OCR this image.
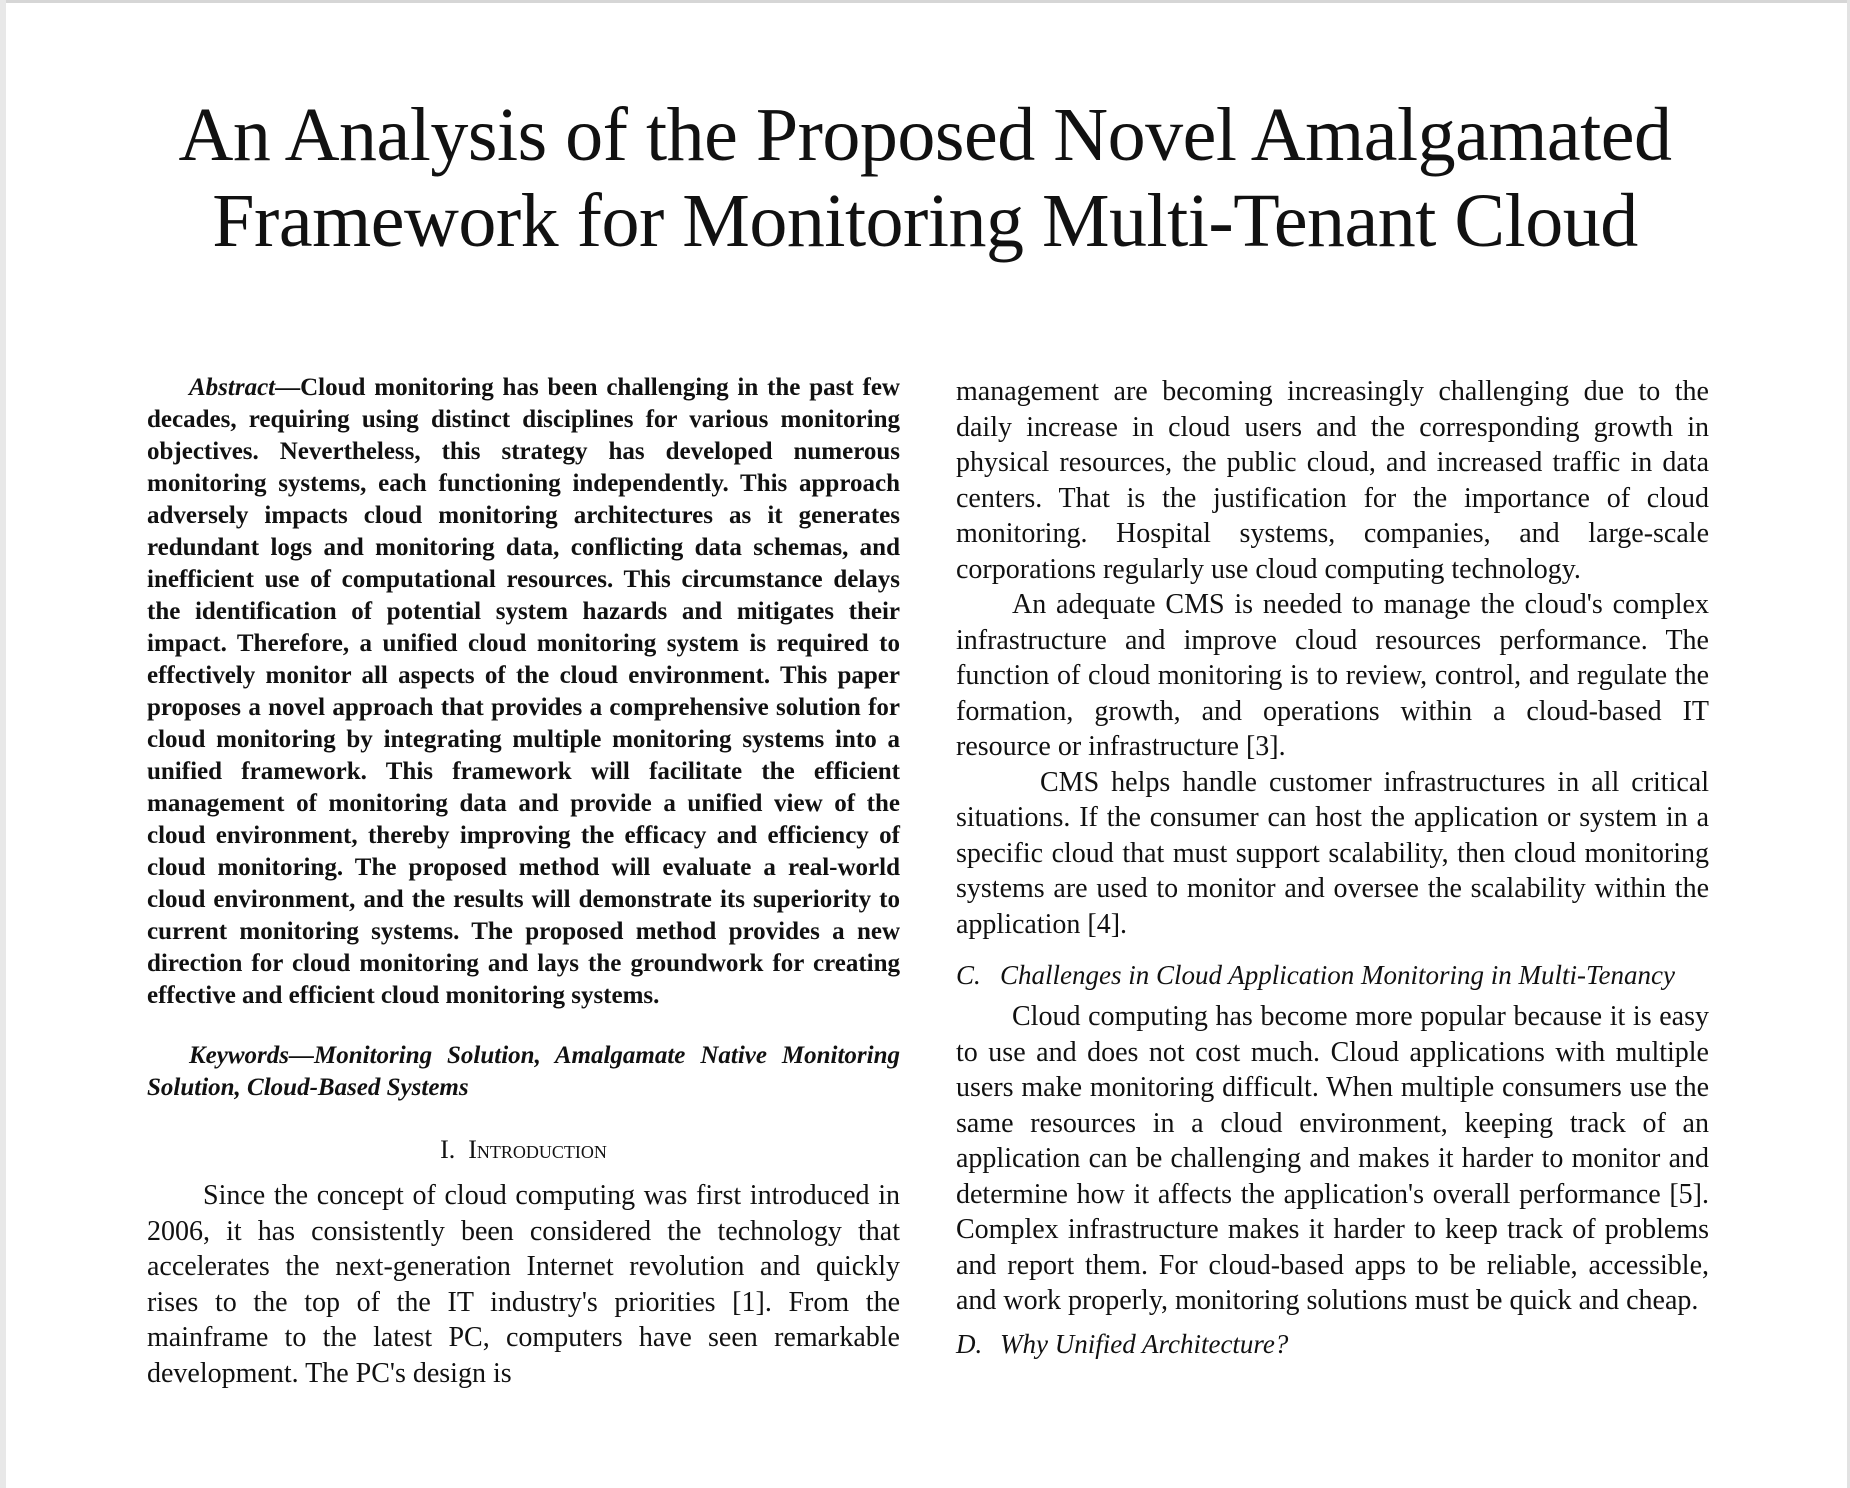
An Analysis of the Proposed Novel Amalgamated
Framework for Monitoring Multi-Tenant Cloud

Abstract—Cloud monitoring has been challenging in the past few decades, requiring using distinct disciplines for various monitoring objectives. Nevertheless, this strategy has developed numerous monitoring systems, each functioning independently. This approach adversely impacts cloud monitoring architectures as it generates redundant logs and monitoring data, conflicting data schemas, and inefficient use of computational resources. This circumstance delays the identification of potential system hazards and mitigates their impact. Therefore, a unified cloud monitoring system is required to effectively monitor all aspects of the cloud environment. This paper proposes a novel approach that provides a comprehensive solution for cloud monitoring by integrating multiple monitoring systems into a unified framework. This framework will facilitate the efficient management of monitoring data and provide a unified view of the cloud environment, thereby improving the efficacy and efficiency of cloud monitoring. The proposed method will evaluate a real-world cloud environment, and the results will demonstrate its superiority to current monitoring systems. The proposed method provides a new direction for cloud monitoring and lays the groundwork for creating effective and efficient cloud monitoring systems.

Keywords—Monitoring Solution, Amalgamate Native Monitoring Solution, Cloud-Based Systems

I. Introduction

Since the concept of cloud computing was first introduced in 2006, it has consistently been considered the technology that accelerates the next-generation Internet revolution and quickly rises to the top of the IT industry's priorities [1]. From the mainframe to the latest PC, computers have seen remarkable development. The PC's design is

management are becoming increasingly challenging due to the daily increase in cloud users and the corresponding growth in physical resources, the public cloud, and increased traffic in data centers. That is the justification for the importance of cloud monitoring. Hospital systems, companies, and large-scale corporations regularly use cloud computing technology.

An adequate CMS is needed to manage the cloud's complex infrastructure and improve cloud resources performance. The function of cloud monitoring is to review, control, and regulate the formation, growth, and operations within a cloud-based IT resource or infrastructure [3].

CMS helps handle customer infrastructures in all critical situations. If the consumer can host the application or system in a specific cloud that must support scalability, then cloud monitoring systems are used to monitor and oversee the scalability within the application [4].

C. Challenges in Cloud Application Monitoring in Multi-Tenancy

Cloud computing has become more popular because it is easy to use and does not cost much. Cloud applications with multiple users make monitoring difficult. When multiple consumers use the same resources in a cloud environment, keeping track of an application can be challenging and makes it harder to monitor and determine how it affects the application's overall performance [5]. Complex infrastructure makes it harder to keep track of problems and report them. For cloud-based apps to be reliable, accessible, and work properly, monitoring solutions must be quick and cheap.

D. Why Unified Architecture?
